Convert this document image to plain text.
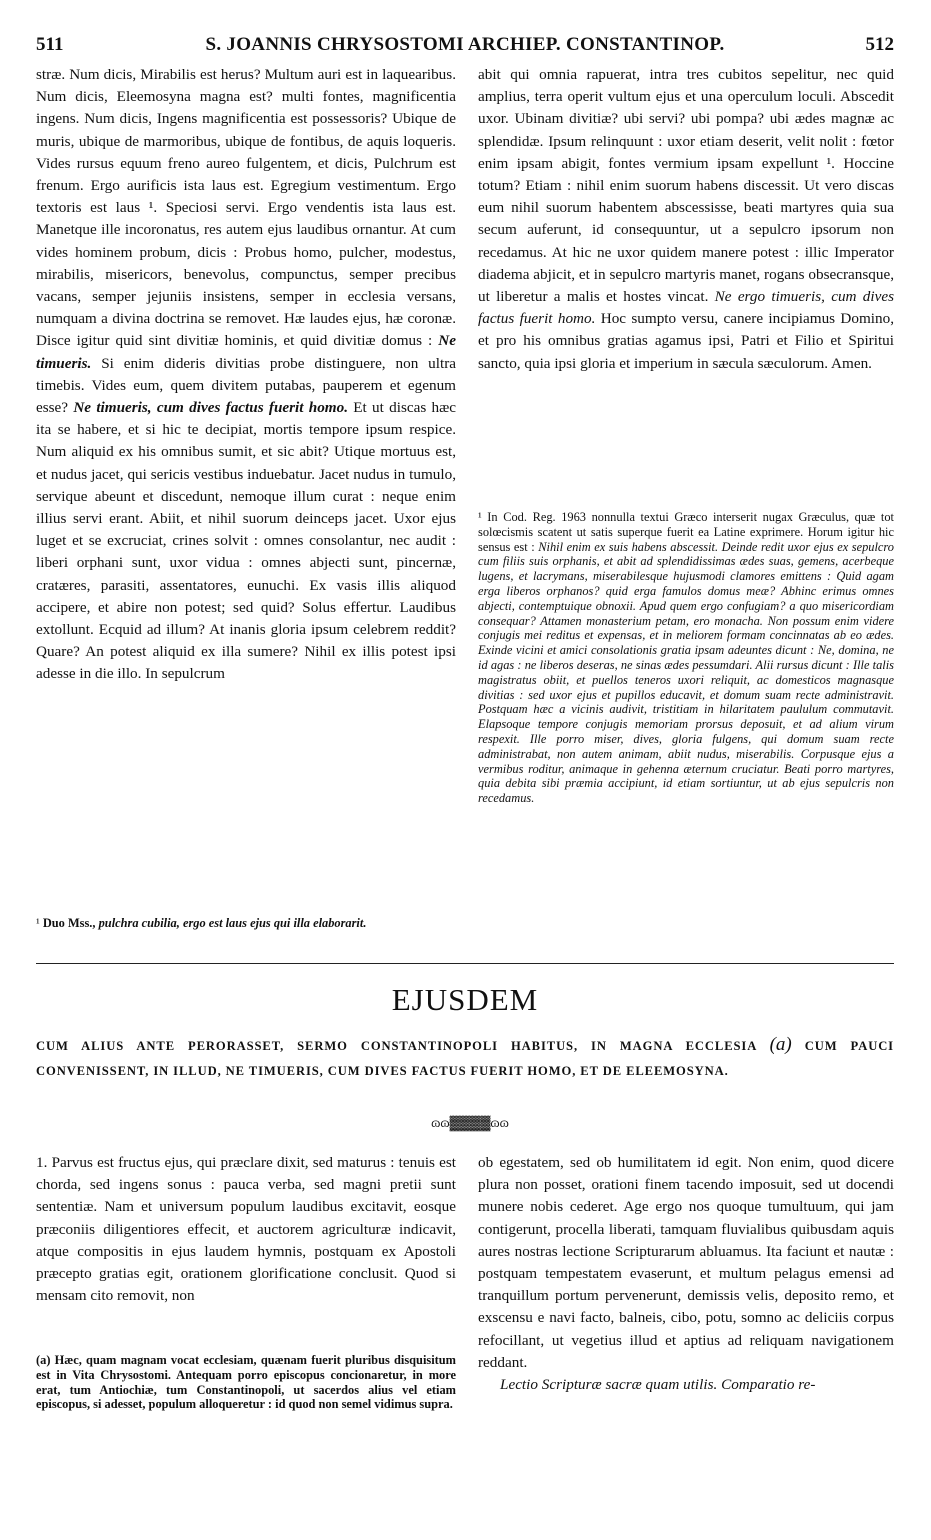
511	S. JOANNIS CHRYSOSTOMI ARCHIEP. CONSTANTINOP.	512

stræ. Num dicis, Mirabilis est herus? Multum auri est in laquearibus. Num dicis, Eleemosyna magna est? multi fontes, magnificentia ingens. Num dicis, Ingens magnificentia est possessoris? Ubique de muris, ubique de marmoribus, ubique de fontibus, de aquis loqueris. Vides rursus equum freno aureo fulgentem, et dicis, Pulchrum est frenum. Ergo aurificis ista laus est. Egregium vestimentum. Ergo textoris est laus ¹. Speciosi servi. Ergo vendentis ista laus est. Manetque ille incoronatus, res autem ejus laudibus ornantur. At cum vides hominem probum, dicis : Probus homo, pulcher, modestus, mirabilis, misericors, benevolus, compunctus, semper precibus vacans, semper jejuniis insistens, semper in ecclesia versans, numquam a divina doctrina se removet. Hæ laudes ejus, hæ coronæ. Disce igitur quid sint divitiæ hominis, et quid divitiæ domus : Ne timueris. Si enim dideris divitias probe distinguere, non ultra timebis. Vides eum, quem divitem putabas, pauperem et egenum esse? Ne timueris, cum dives factus fuerit homo. Et ut discas hæc ita se habere, et si hic te decipiat, mortis tempore ipsum respice. Num aliquid ex his omnibus sumit, et sic abit? Utique mortuus est, et nudus jacet, qui sericis vestibus induebatur. Jacet nudus in tumulo, servique abeunt et discedunt, nemoque illum curat : neque enim illius servi erant. Abiit, et nihil suorum deinceps jacet. Uxor ejus luget et se excruciat, crines solvit : omnes consolantur, nec audit : liberi orphani sunt, uxor vidua : omnes abjecti sunt, pincernæ, cratæres, parasiti, assentatores, eunuchi. Ex vasis illis aliquod accipere, et abire non potest; sed quid? Solus effertur. Laudibus extollunt. Ecquid ad illum? At inanis gloria ipsum celebrem reddit? Quare? An potest aliquid ex illa sumere? Nihil ex illis potest ipsi adesse in die illo. In sepulcrum

¹ Duo Mss., pulchra cubilia, ergo est laus ejus qui illa elaborarit.

abit qui omnia rapuerat, intra tres cubitos sepelitur, nec quid amplius, terra operit vultum ejus et una operculum loculi. Abscedit uxor. Ubinam divitiæ? ubi servi? ubi pompa? ubi ædes magnæ ac splendidæ. Ipsum relinquunt : uxor etiam deserit, velit nolit : fœtor enim ipsam abigit, fontes vermium ipsam expellunt ¹. Hoccine totum? Etiam : nihil enim suorum habens discessit. Ut vero discas eum nihil suorum habentem abscessisse, beati martyres quia sua secum auferunt, id consequuntur, ut a sepulcro ipsorum non recedamus. At hic ne uxor quidem manere potest : illic Imperator diadema abjicit, et in sepulcro martyris manet, rogans obsecransque, ut liberetur a malis et hostes vincat. Ne ergo timueris, cum dives factus fuerit homo. Hoc sumpto versu, canere incipiamus Domino, et pro his omnibus gratias agamus ipsi, Patri et Filio et Spiritui sancto, quia ipsi gloria et imperium in sæcula sæculorum. Amen.

¹ In Cod. Reg. 1963 nonnulla textui Græco interserit nugax Græculus, quæ tot solœcismis scatent ut satis superque fuerit ea Latine exprimere. Horum igitur hic sensus est : Nihil enim ex suis habens abscessit. Deinde redit uxor ejus ex sepulcro cum filiis suis orphanis, et abit ad splendidissimas ædes suas, gemens, acerbeque lugens, et lacrymans, miserabilesque hujusmodi clamores emittens : Quid agam erga liberos orphanos? quid erga famulos domus meæ? Abhinc erimus omnes abjecti, contemptuique obnoxii. Apud quem ergo confugiam? a quo misericordiam consequar? Attamen monasterium petam, ero monacha. Non possum enim videre conjugis mei reditus et expensas, et in meliorem formam concinnatas ab eo ædes. Exinde vicini et amici consolationis gratia ipsam adeuntes dicunt : Ne, domina, ne id agas : ne liberos deseras, ne sinas ædes pessumdari. Alii rursus dicunt : Ille talis magistratus obiit, et puellos teneros uxori reliquit, ac domesticos magnasque divitias : sed uxor ejus et pupillos educavit, et domum suam recte administravit. Postquam hæc a vicinis audivit, tristitiam in hilaritatem paululum commutavit. Elapsoque tempore conjugis memoriam prorsus deposuit, et ad alium virum respexit. Ille porro miser, dives, gloria fulgens, qui domum suam recte administrabat, non autem animam, abiit nudus, miserabilis. Corpusque ejus a vermibus roditur, animaque in gehenna æternum cruciatur. Beati porro martyres, quia debita sibi præmia accipiunt, id etiam sortiuntur, ut ab ejus sepulcris non recedamus.

EJUSDEM
CUM ALIUS ANTE PERORASSET, SERMO CONSTANTINOPOLI HABITUS, IN MAGNA ECCLESIA (a) CUM PAUCI CONVENISSENT, IN ILLUD, NE TIMUERIS, CUM DIVES FACTUS FUERIT HOMO, ET DE ELEEMOSYNA.
ɷɷ▓▓▓▓ɷɷ

1. Parvus est fructus ejus, qui præclare dixit, sed maturus : tenuis est chorda, sed ingens sonus : pauca verba, sed magni pretii sunt sententiæ. Nam et universum populum laudibus excitavit, eosque præconiis diligentiores effecit, et auctorem agriculturæ indicavit, atque compositis in ejus laudem hymnis, postquam ex Apostoli præcepto gratias egit, orationem glorificatione conclusit. Quod si mensam cito removit, non

(a) Hæc, quam magnam vocat ecclesiam, quænam fuerit pluribus disquisitum est in Vita Chrysostomi. Antequam porro episcopus concionaretur, in more erat, tum Antiochiæ, tum Constantinopoli, ut sacerdos alius vel etiam episcopus, si adesset, populum alloqueretur : id quod non semel vidimus supra.

ob egestatem, sed ob humilitatem id egit. Non enim, quod dicere plura non posset, orationi finem tacendo imposuit, sed ut docendi munere nobis cederet. Age ergo nos quoque tumultuum, qui jam contigerunt, procella liberati, tamquam fluvialibus quibusdam aquis aures nostras lectione Scripturarum abluamus. Ita faciunt et nautæ : postquam tempestatem evaserunt, et multum pelagus emensi ad tranquillum portum pervenerunt, demissis velis, deposito remo, et exscensu e navi facto, balneis, cibo, potu, somno ac deliciis corpus refocillant, ut vegetius illud et aptius ad reliquam navigationem reddant.

Lectio Scripturæ sacræ quam utilis. Comparatio re-
